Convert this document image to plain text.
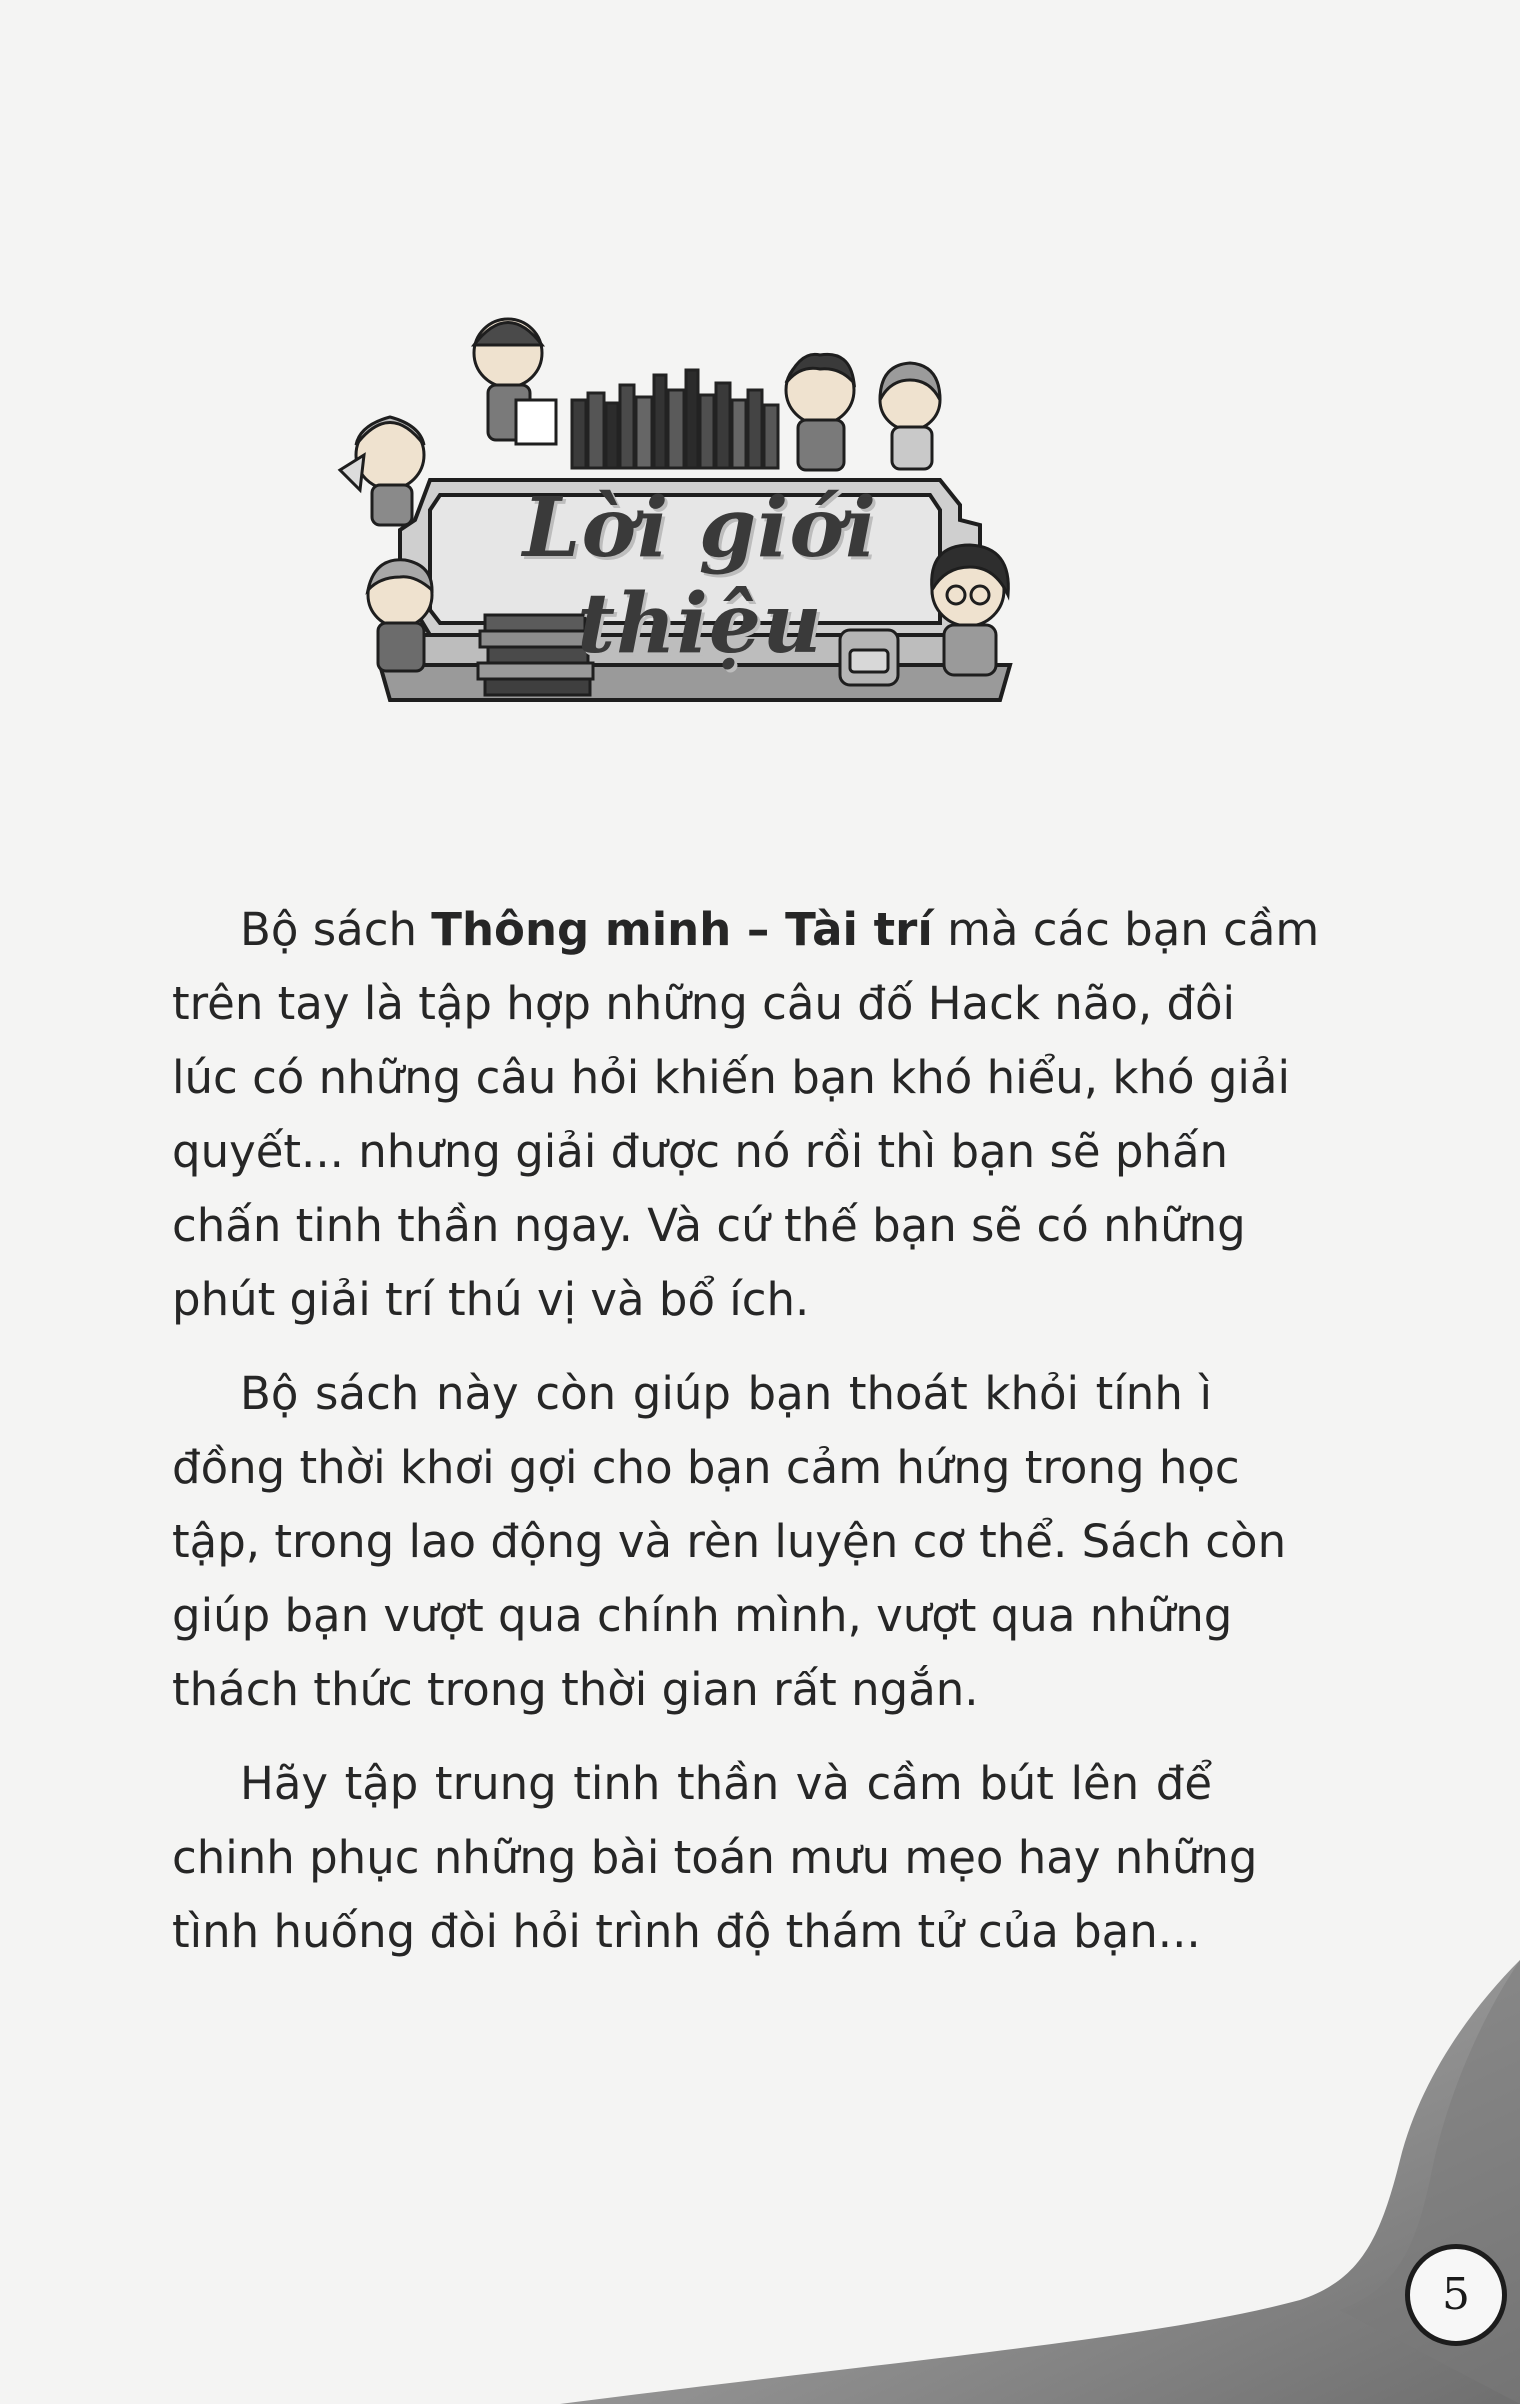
Lời giới thiệu
Bộ sách Thông minh – Tài trí mà các bạn cầm
trên tay là tập hợp những câu đố Hack não, đôi
lúc có những câu hỏi khiến bạn khó hiểu, khó giải
quyết... nhưng giải được nó rồi thì bạn sẽ phấn
chấn tinh thần ngay. Và cứ thế bạn sẽ có những
phút giải trí thú vị và bổ ích.
Bộ sách này còn giúp bạn thoát khỏi tính ì
đồng thời khơi gợi cho bạn cảm hứng trong học
tập, trong lao động và rèn luyện cơ thể. Sách còn
giúp bạn vượt qua chính mình, vượt qua những
thách thức trong thời gian rất ngắn.
Hãy tập trung tinh thần và cầm bút lên để
chinh phục những bài toán mưu mẹo hay những
tình huống đòi hỏi trình độ thám tử của bạn...
5
